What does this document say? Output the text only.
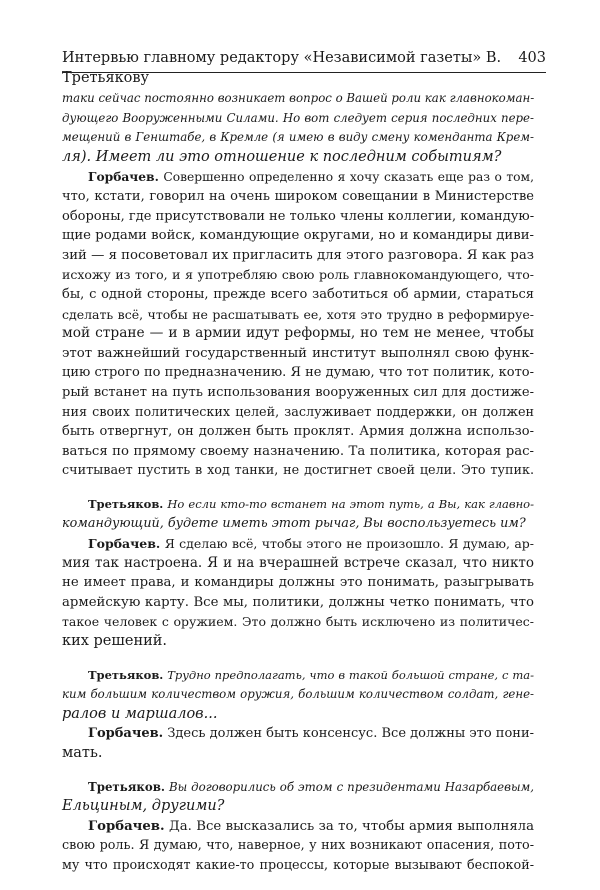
Интервью главному редактору «Независимой газеты» В. Третьякову
403
таки сейчас постоянно возникает вопрос о Вашей роли как главнокоман-
дующего Вооруженными Силами. Но вот следует серия последних пере-
мещений в Генштабе, в Кремле (я имею в виду смену коменданта Крем-
ля). Имеет ли это отношение к последним событиям?
Горбачев. Совершенно определенно я хочу сказать еще раз о том,
что, кстати, говорил на очень широком совещании в Министерстве
обороны, где присутствовали не только члены коллегии, командую-
щие родами войск, командующие округами, но и командиры диви-
зий — я посоветовал их пригласить для этого разговора. Я как раз
исхожу из того, и я употребляю свою роль главнокомандующего, что-
бы, с одной стороны, прежде всего заботиться об армии, стараться
сделать всё, чтобы не расшатывать ее, хотя это трудно в реформируе-
мой стране — и в армии идут реформы, но тем не менее, чтобы
этот важнейший государственный институт выполнял свою функ-
цию строго по предназначению. Я не думаю, что тот политик, кото-
рый встанет на путь использования вооруженных сил для достиже-
ния своих политических целей, заслуживает поддержки, он должен
быть отвергнут, он должен быть проклят. Армия должна использо-
ваться по прямому своему назначению. Та политика, которая рас-
считывает пустить в ход танки, не достигнет своей цели. Это тупик.
Третьяков. Но если кто-то встанет на этот путь, а Вы, как главно-
командующий, будете иметь этот рычаг, Вы воспользуетесь им?
Горбачев. Я сделаю всё, чтобы этого не произошло. Я думаю, ар-
мия так настроена. Я и на вчерашней встрече сказал, что никто
не имеет права, и командиры должны это понимать, разыгрывать
армейскую карту. Все мы, политики, должны четко понимать, что
такое человек с оружием. Это должно быть исключено из политичес-
ких решений.
Третьяков. Трудно предполагать, что в такой большой стране, с та-
ким большим количеством оружия, большим количеством солдат, гене-
ралов и маршалов...
Горбачев. Здесь должен быть консенсус. Все должны это пони-
мать.
Третьяков. Вы договорились об этом с президентами Назарбаевым,
Ельциным, другими?
Горбачев. Да. Все высказались за то, чтобы армия выполняла
свою роль. Я думаю, что, наверное, у них возникают опасения, пото-
му что происходят какие-то процессы, которые вызывают беспокой-
